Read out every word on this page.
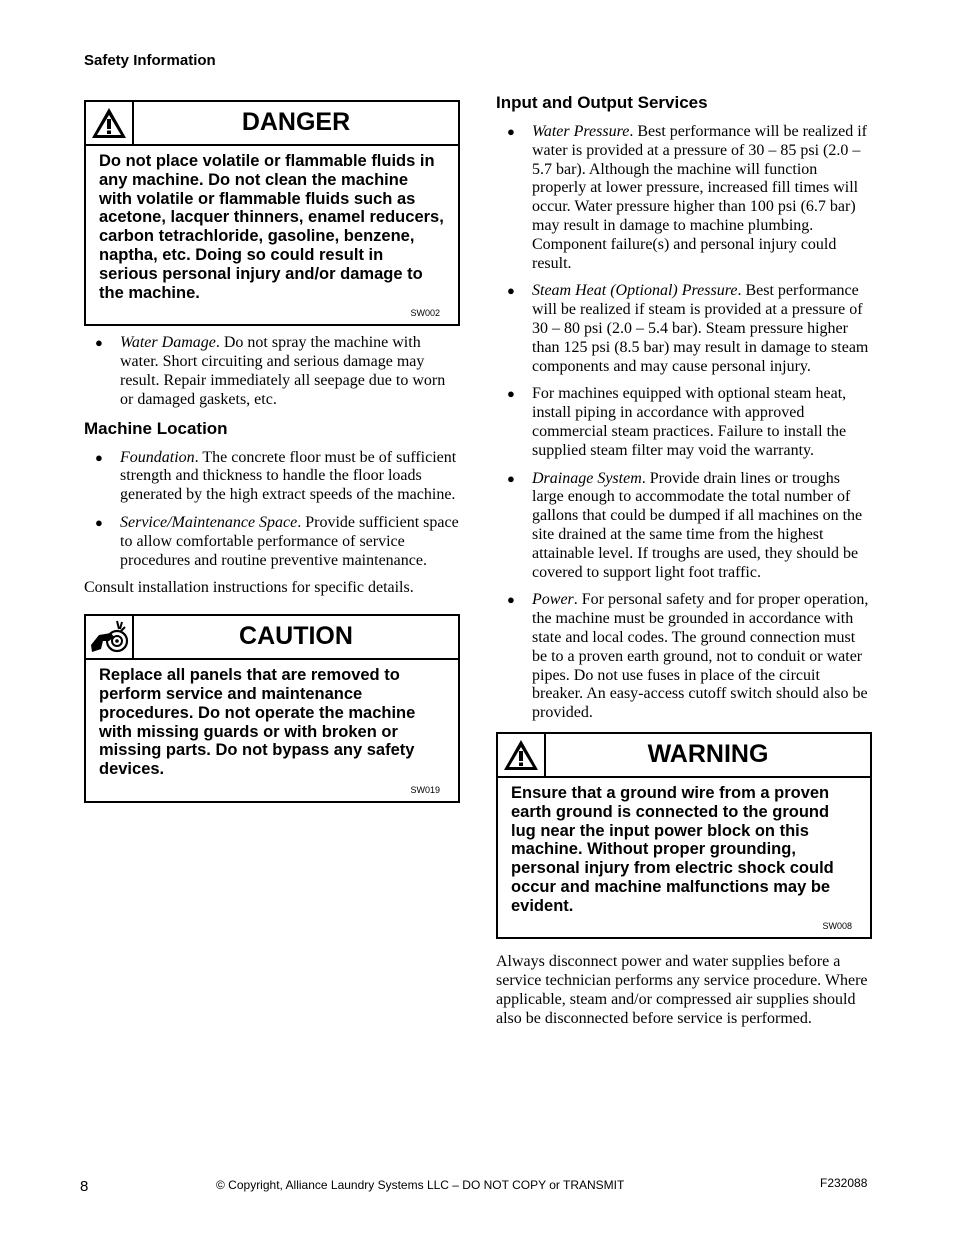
Safety Information
DANGER
Do not place volatile or flammable fluids in any machine. Do not clean the machine with volatile or flammable fluids such as acetone, lacquer thinners, enamel reducers, carbon tetrachloride, gasoline, benzene, naptha, etc. Doing so could result in serious personal injury and/or damage to the machine.
SW002
● Water Damage. Do not spray the machine with water. Short circuiting and serious damage may result. Repair immediately all seepage due to worn or damaged gaskets, etc.
Machine Location
● Foundation. The concrete floor must be of sufficient strength and thickness to handle the floor loads generated by the high extract speeds of the machine.
● Service/Maintenance Space. Provide sufficient space to allow comfortable performance of service procedures and routine preventive maintenance.

Consult installation instructions for specific details.

CAUTION
Replace all panels that are removed to perform service and maintenance procedures. Do not operate the machine with missing guards or with broken or missing parts. Do not bypass any safety devices.
SW019
Input and Output Services
● Water Pressure. Best performance will be realized if water is provided at a pressure of 30 – 85 psi (2.0 – 5.7 bar). Although the machine will function properly at lower pressure, increased fill times will occur. Water pressure higher than 100 psi (6.7 bar) may result in damage to machine plumbing. Component failure(s) and personal injury could result.
● Steam Heat (Optional) Pressure. Best performance will be realized if steam is provided at a pressure of 30 – 80 psi (2.0 – 5.4 bar). Steam pressure higher than 125 psi (8.5 bar) may result in damage to steam components and may cause personal injury.
● For machines equipped with optional steam heat, install piping in accordance with approved commercial steam practices. Failure to install the supplied steam filter may void the warranty.
● Drainage System. Provide drain lines or troughs large enough to accommodate the total number of gallons that could be dumped if all machines on the site drained at the same time from the highest attainable level. If troughs are used, they should be covered to support light foot traffic.
● Power. For personal safety and for proper operation, the machine must be grounded in accordance with state and local codes. The ground connection must be to a proven earth ground, not to conduit or water pipes. Do not use fuses in place of the circuit breaker. An easy-access cutoff switch should also be provided.
WARNING
Ensure that a ground wire from a proven earth ground is connected to the ground lug near the input power block on this machine. Without proper grounding, personal injury from electric shock could occur and machine malfunctions may be evident.
SW008

Always disconnect power and water supplies before a service technician performs any service procedure. Where applicable, steam and/or compressed air supplies should also be disconnected before service is performed.

8	© Copyright, Alliance Laundry Systems LLC – DO NOT COPY or TRANSMIT	F232088
